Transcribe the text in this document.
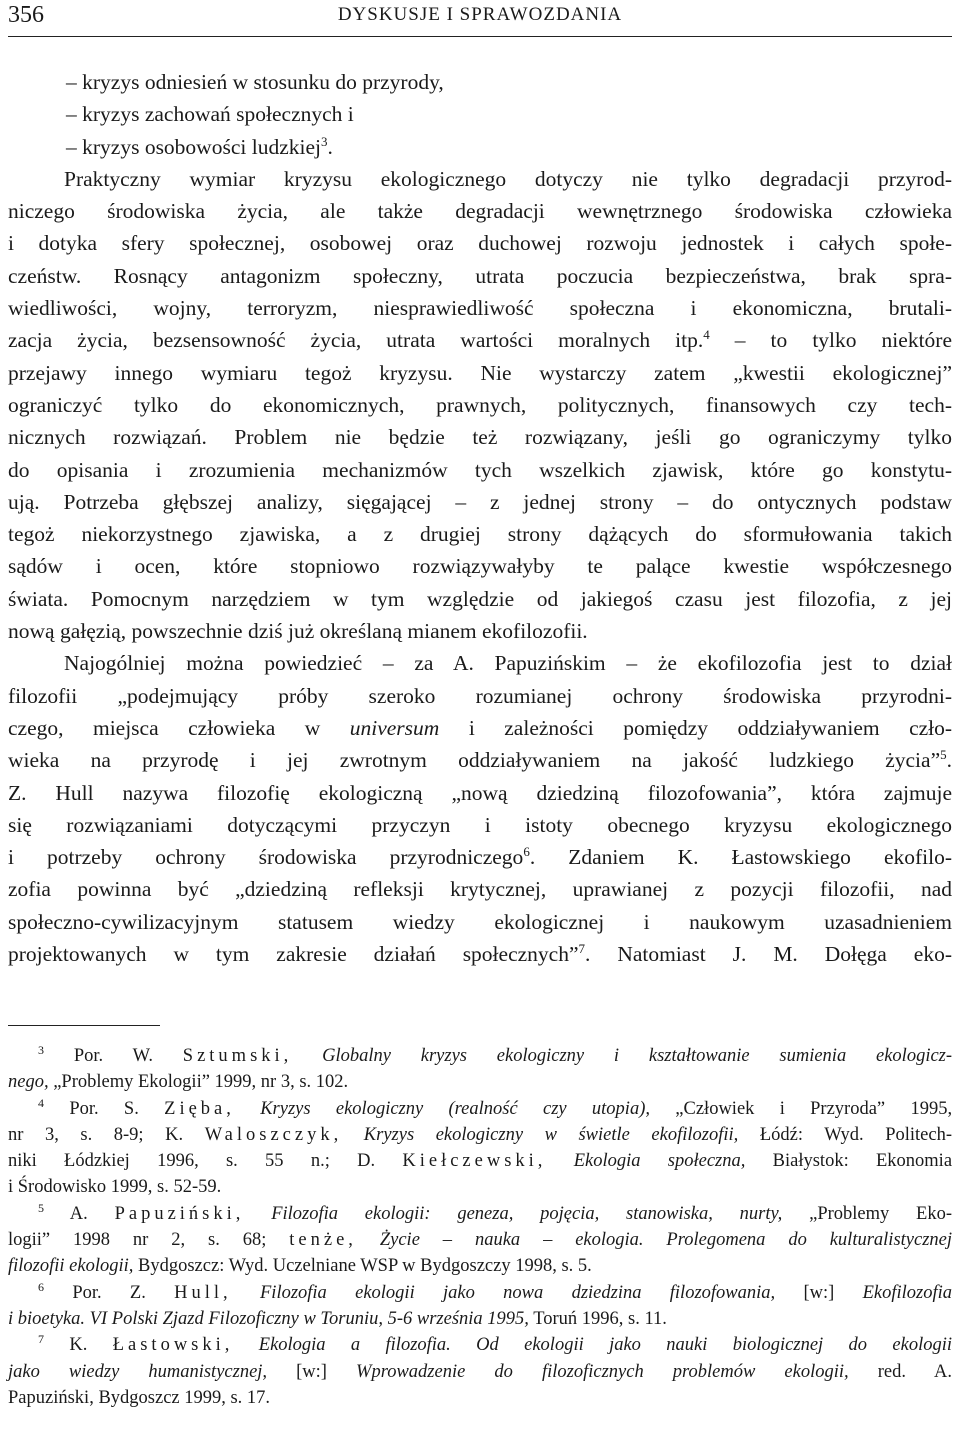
356	DYSKUSJE I SPRAWOZDANIA
– kryzys odniesień w stosunku do przyrody,
– kryzys zachowań społecznych i
– kryzys osobowości ludzkiej$^3$.
Praktyczny wymiar kryzysu ekologicznego dotyczy nie tylko degradacji przyrod-
niczego środowiska życia, ale także degradacji wewnętrznego środowiska człowieka
i dotyka sfery społecznej, osobowej oraz duchowej rozwoju jednostek i całych społe-
czeństw. Rosnący antagonizm społeczny, utrata poczucia bezpieczeństwa, brak spra-
wiedliwości, wojny, terroryzm, niesprawiedliwość społeczna i ekonomiczna, brutali-
zacja życia, bezsensowność życia, utrata wartości moralnych itp.$^4$ – to tylko niektóre
przejawy innego wymiaru tegoż kryzysu. Nie wystarczy zatem „kwestii ekologicznej”
ograniczyć tylko do ekonomicznych, prawnych, politycznych, finansowych czy tech-
nicznych rozwiązań. Problem nie będzie też rozwiązany, jeśli go ograniczymy tylko
do opisania i zrozumienia mechanizmów tych wszelkich zjawisk, które go konstytu-
ują. Potrzeba głębszej analizy, sięgającej – z jednej strony – do ontycznych podstaw
tegoż niekorzystnego zjawiska, a z drugiej strony dążących do sformułowania takich
sądów i ocen, które stopniowo rozwiązywałyby te palące kwestie współczesnego
świata. Pomocnym narzędziem w tym względzie od jakiegoś czasu jest filozofia, z jej
nową gałęzią, powszechnie dziś już określaną mianem ekofilozofii.
Najogólniej można powiedzieć – za A. Papuzińskim – że ekofilozofia jest to dział
filozofii „podejmujący próby szeroko rozumianej ochrony środowiska przyrodni-
czego, miejsca człowieka w universum i zależności pomiędzy oddziaływaniem czło-
wieka na przyrodę i jej zwrotnym oddziaływaniem na jakość ludzkiego życia”$^5$.
Z. Hull nazywa filozofię ekologiczną „nową dziedziną filozofowania”, która zajmuje
się rozwiązaniami dotyczącymi przyczyn i istoty obecnego kryzysu ekologicznego
i potrzeby ochrony środowiska przyrodniczego$^6$. Zdaniem K. Łastowskiego ekofilo-
zofia powinna być „dziedziną refleksji krytycznej, uprawianej z pozycji filozofii, nad
społeczno-cywilizacyjnym statusem wiedzy ekologicznej i naukowym uzasadnieniem
projektowanych w tym zakresie działań społecznych”$^7$. Natomiast J. M. Dołęga eko-
$^3$ Por. W. Sztumski, Globalny kryzys ekologiczny i kształtowanie sumienia ekologicz-
nego, „Problemy Ekologii” 1999, nr 3, s. 102.
$^4$ Por. S. Zięba, Kryzys ekologiczny (realność czy utopia), „Człowiek i Przyroda” 1995,
nr 3, s. 8-9; K. Waloszczyk, Kryzys ekologiczny w świetle ekofilozofii, Łódź: Wyd. Politech-
niki Łódzkiej 1996, s. 55 n.; D. Kiełczewski, Ekologia społeczna, Białystok: Ekonomia
i Środowisko 1999, s. 52-59.
$^5$ A. Papuziński, Filozofia ekologii: geneza, pojęcia, stanowiska, nurty, „Problemy Eko-
logii” 1998 nr 2, s. 68; tenże, Życie – nauka – ekologia. Prolegomena do kulturalistycznej
filozofii ekologii, Bydgoszcz: Wyd. Uczelniane WSP w Bydgoszczy 1998, s. 5.
$^6$ Por. Z. Hull, Filozofia ekologii jako nowa dziedzina filozofowania, [w:] Ekofilozofia
i bioetyka. VI Polski Zjazd Filozoficzny w Toruniu, 5-6 września 1995, Toruń 1996, s. 11.
$^7$ K. Łastowski, Ekologia a filozofia. Od ekologii jako nauki biologicznej do ekologii
jako wiedzy humanistycznej, [w:] Wprowadzenie do filozoficznych problemów ekologii, red. A.
Papuziński, Bydgoszcz 1999, s. 17.
